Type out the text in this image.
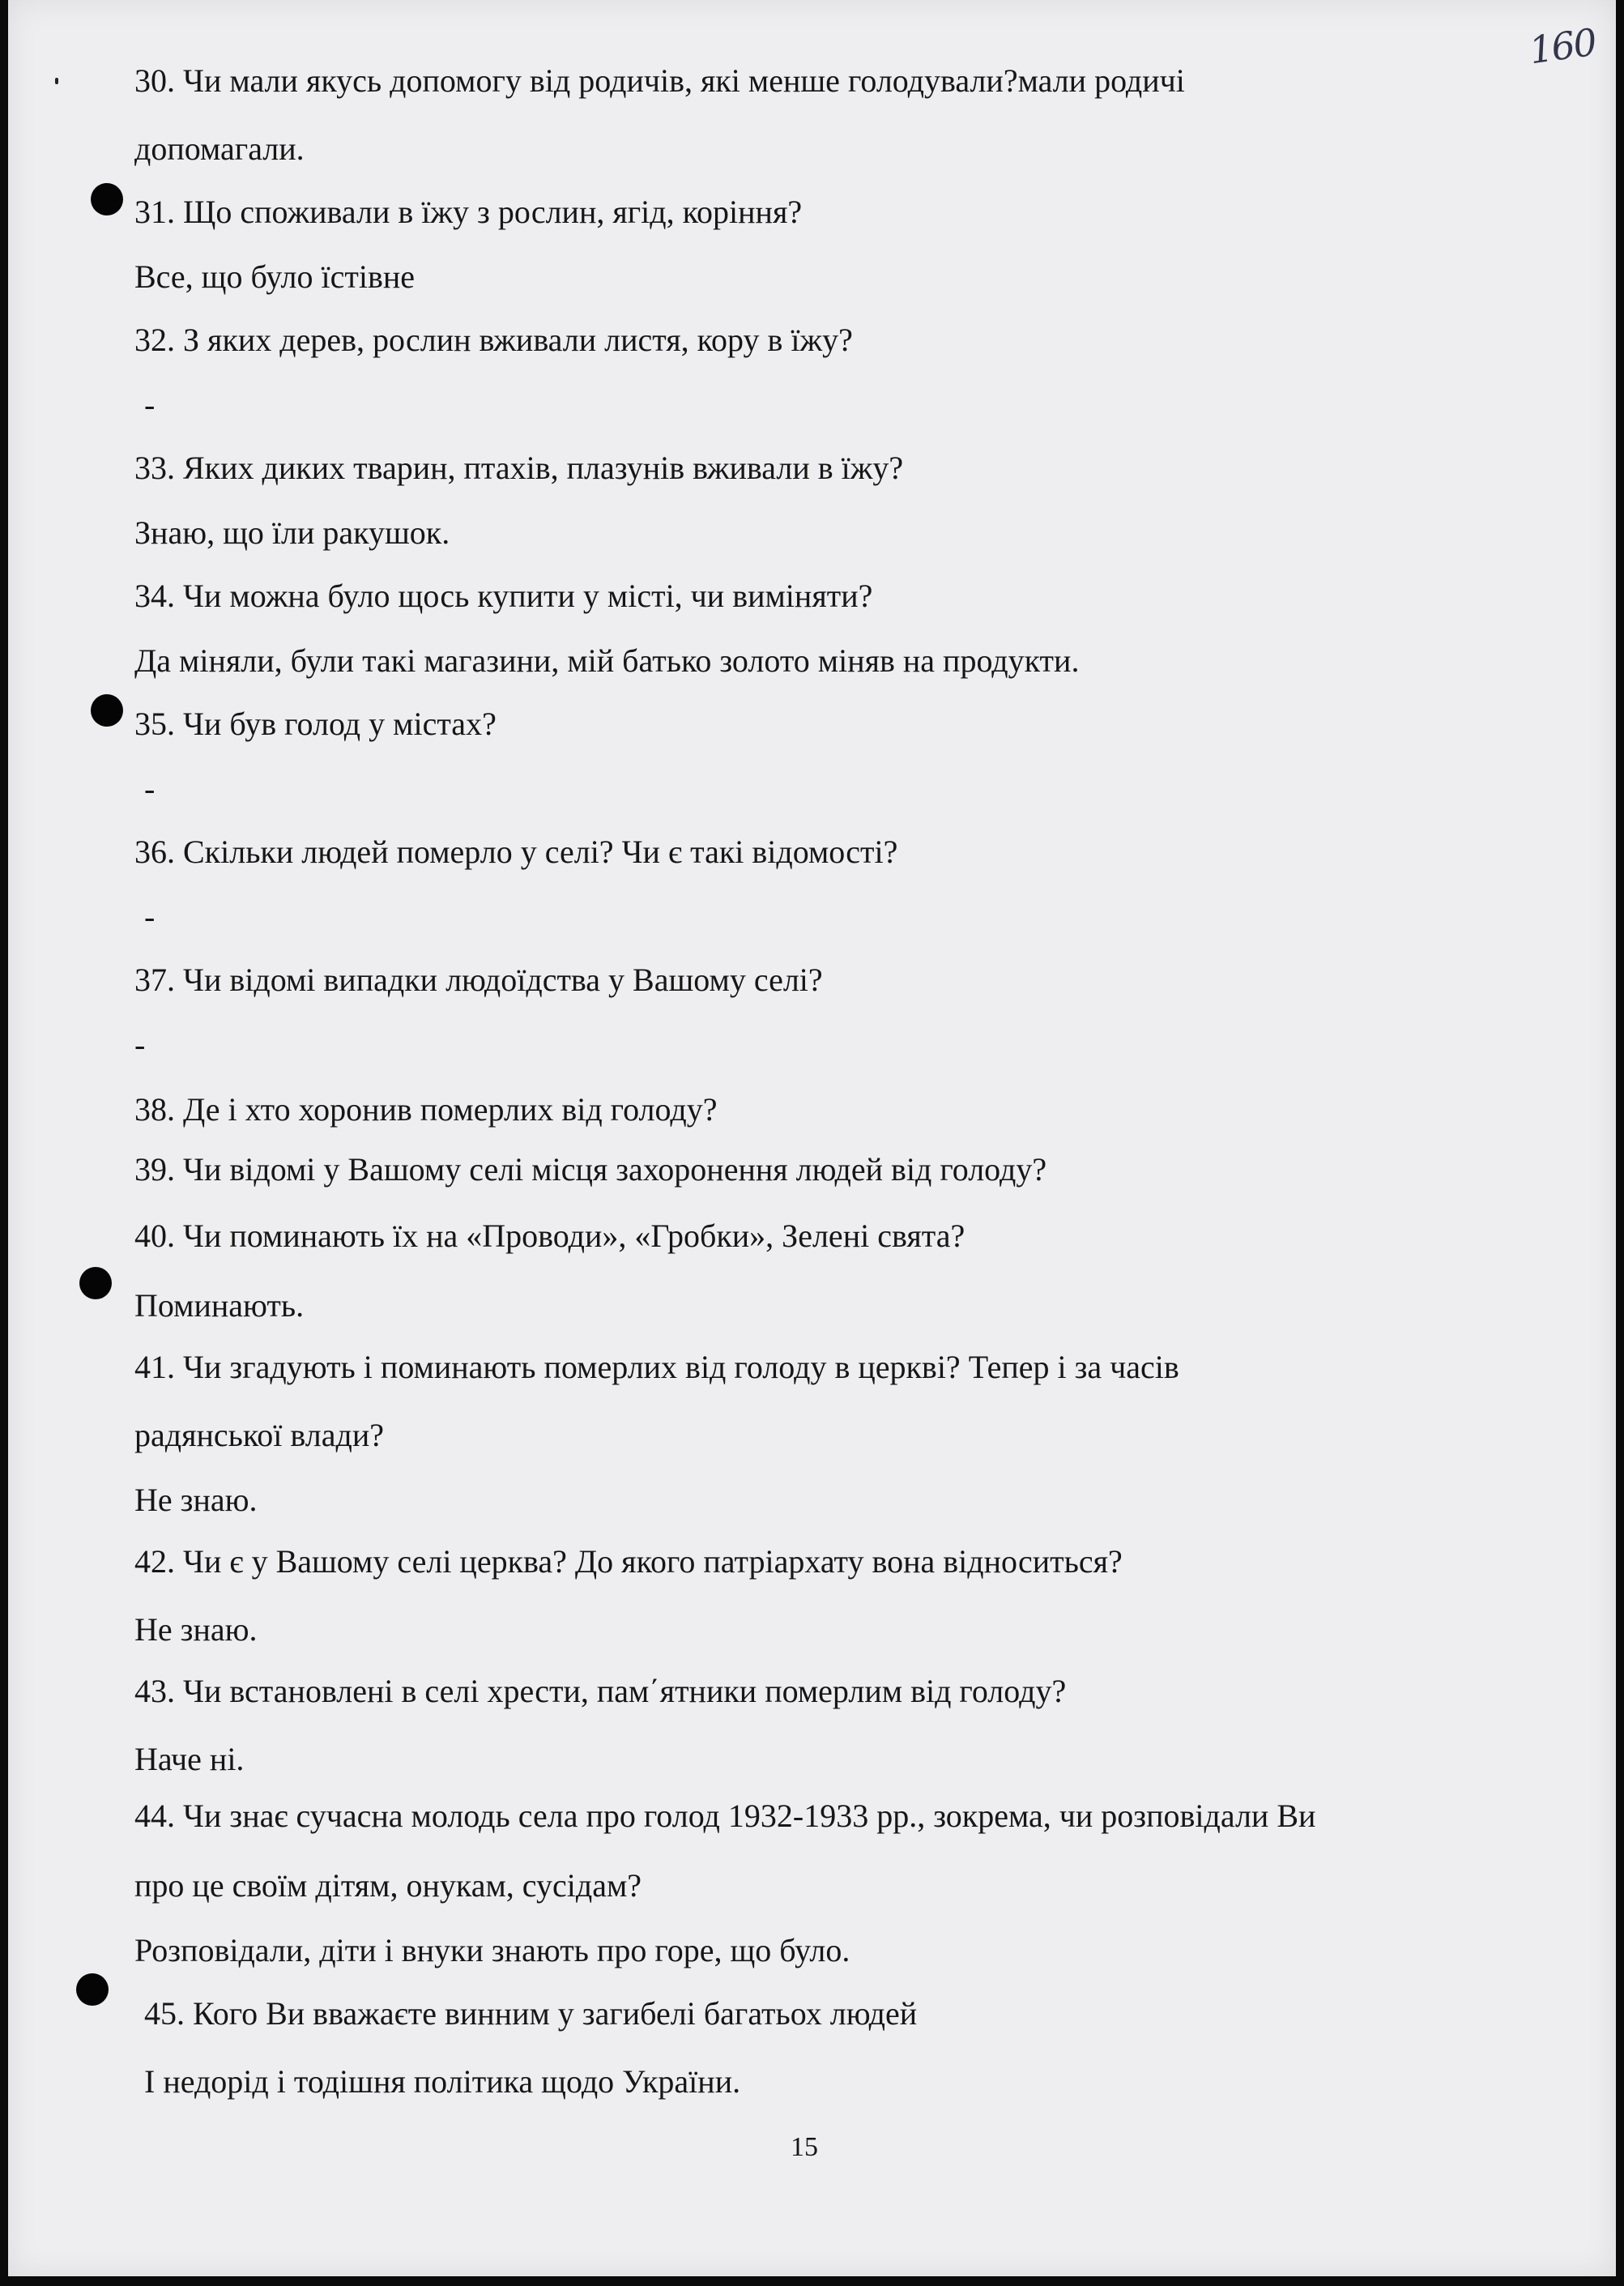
160
30. Чи мали якусь допомогу від родичів, які менше голодували?мали родичі
допомагали.
31. Що споживали в їжу з рослин, ягід, коріння?
Все, що було їстівне
32. З яких дерев, рослин вживали листя, кору в їжу?
-
33. Яких диких тварин, птахів, плазунів вживали в їжу?
Знаю, що їли ракушок.
34. Чи можна було щось купити у місті, чи виміняти?
Да міняли, були такі магазини, мій батько золото міняв на продукти.
35. Чи був голод у містах?
-
36. Скільки людей померло у селі? Чи є такі відомості?
-
37. Чи відомі випадки людоїдства у Вашому селі?
-
38. Де і хто хоронив померлих від голоду?
39. Чи відомі у Вашому селі місця захоронення людей від голоду?
40. Чи поминають їх на «Проводи», «Гробки», Зелені свята?
Поминають.
41. Чи згадують і поминають померлих від голоду в церкві? Тепер і за часів
радянської влади?
Не знаю.
42. Чи є у Вашому селі церква? До якого патріархату вона відноситься?
Не знаю.
43. Чи встановлені в селі хрести, пам΄ятники померлим від голоду?
Наче ні.
44. Чи знає сучасна молодь села про голод 1932-1933 рр., зокрема, чи розповідали Ви
про це своїм дітям, онукам, сусідам?
Розповідали, діти і внуки знають про горе, що було.
45. Кого Ви вважаєте винним у загибелі багатьох людей
І недорід і тодішня політика щодо України.
15
